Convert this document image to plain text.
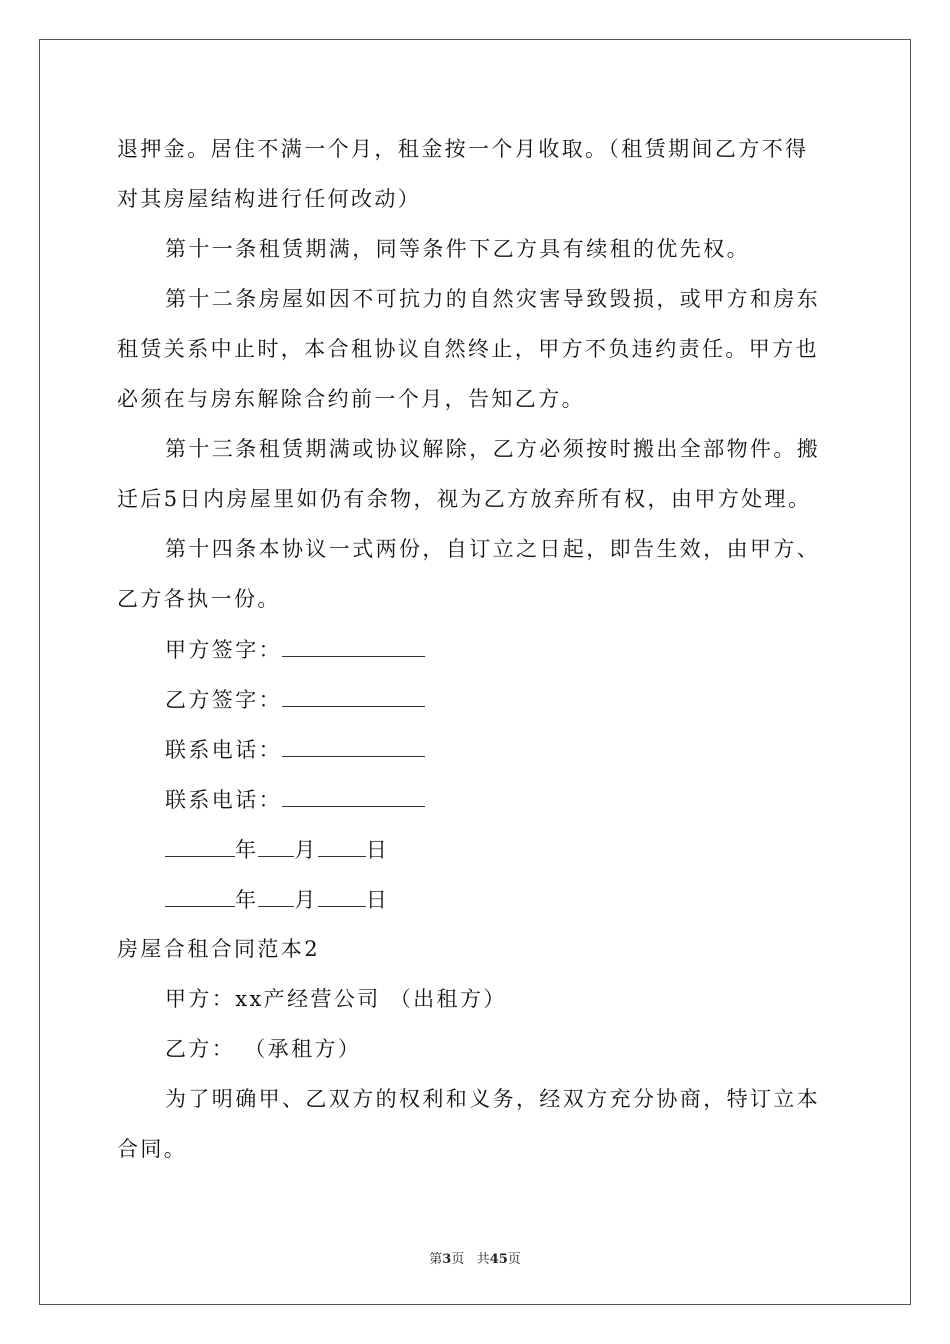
退押金。居住不满一个月，租金按一个月收取。（租赁期间乙方不得
对其房屋结构进行任何改动）
第十一条租赁期满，同等条件下乙方具有续租的优先权。
第十二条房屋如因不可抗力的自然灾害导致毁损，或甲方和房东
租赁关系中止时，本合租协议自然终止，甲方不负违约责任。甲方也
必须在与房东解除合约前一个月，告知乙方。
第十三条租赁期满或协议解除，乙方必须按时搬出全部物件。搬
迁后5日内房屋里如仍有余物，视为乙方放弃所有权，由甲方处理。
第十四条本协议一式两份，自订立之日起，即告生效，由甲方、
乙方各执一份。
甲方签字：
乙方签字：
联系电话：
联系电话：
年 月 日
年 月 日
房屋合租合同范本2
甲方：xx产经营公司 （出租方）
乙方： （承租方）
为了明确甲、乙双方的权利和义务，经双方充分协商，特订立本
合同。
第3页 共45页
